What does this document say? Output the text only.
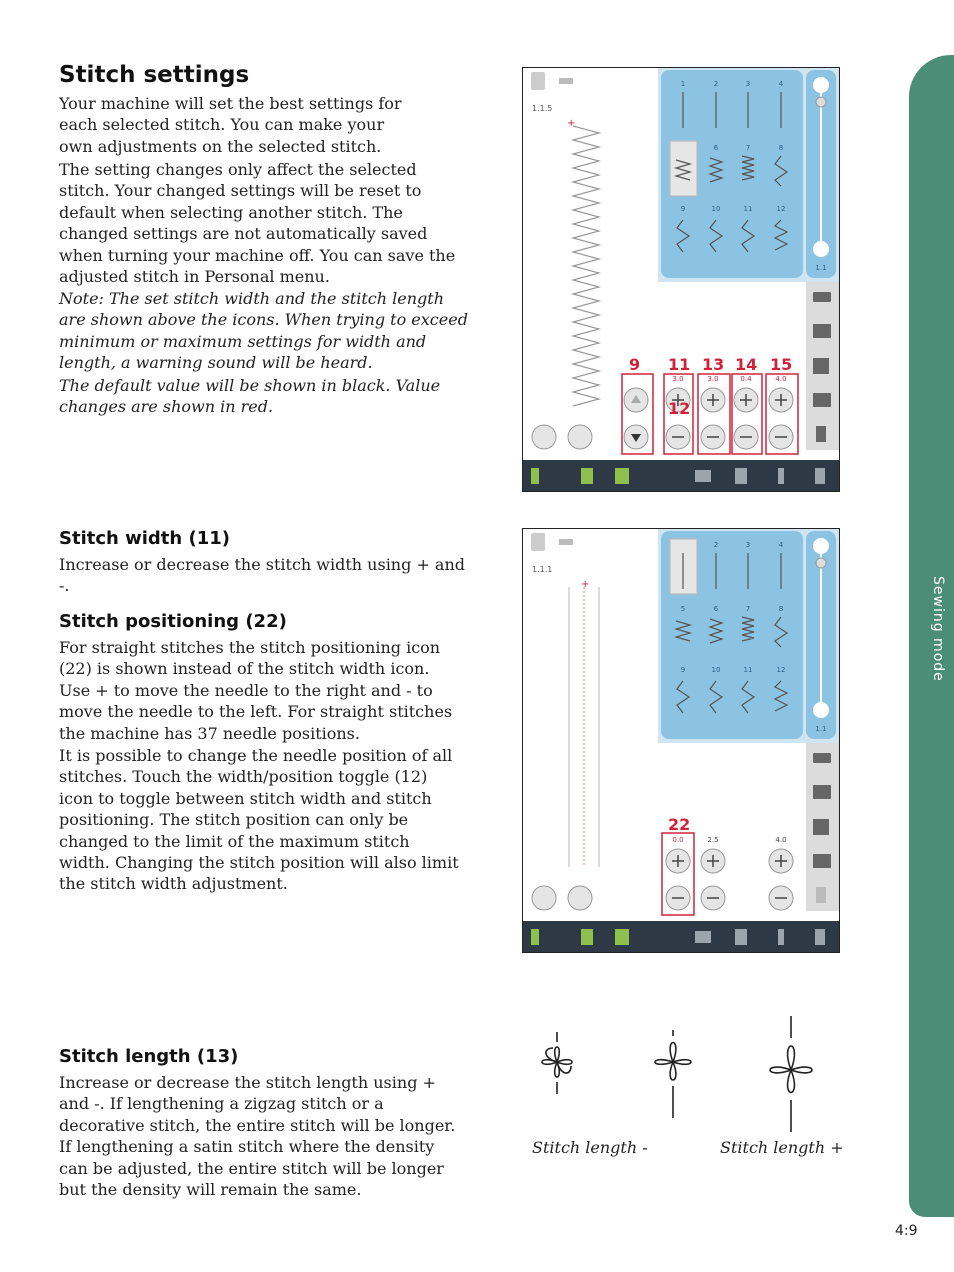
Sewing mode
4:9
Stitch settings

Your machine will set the best settings for each selected stitch. You can make your own adjustments on the selected stitch.

The setting changes only affect the selected stitch. Your changed settings will be reset to default when selecting another stitch. The changed settings are not automatically saved when turning your machine off. You can save the adjusted stitch in Personal menu.

Note: The set stitch width and the stitch length are shown above the icons. When trying to exceed minimum or maximum settings for width and length, a warning sound will be heard.

The default value will be shown in black. Value changes are shown in red.

Stitch width (11)

Increase or decrease the stitch width using + and -.

Stitch positioning (22)

For straight stitches the stitch positioning icon (22) is shown instead of the stitch width icon. Use + to move the needle to the right and - to move the needle to the left. For straight stitches the machine has 37 needle positions.

It is possible to change the needle position of all stitches. Touch the width/position toggle (12) icon to toggle between stitch width and stitch positioning. The stitch position can only be changed to the limit of the maximum stitch width. Changing the stitch position will also limit the stitch width adjustment.

Stitch length (13)

Increase or decrease the stitch length using + and -. If lengthening a zigzag stitch or a decorative stitch, the entire stitch will be longer. If lengthening a satin stitch where the density can be adjusted, the entire stitch will be longer but the density will remain the same.

1.1.5
+
1	2	3	4
6	7	8
9	10	11	12
1.1
3.0	3.0	0.4	4.0
9 11 13 14 15
12
1.1.1
+
2	3	4
5	6	7	8
9	10	11	12
1.1
0.0	2.5	4.0
22
Stitch length -	Stitch length +
